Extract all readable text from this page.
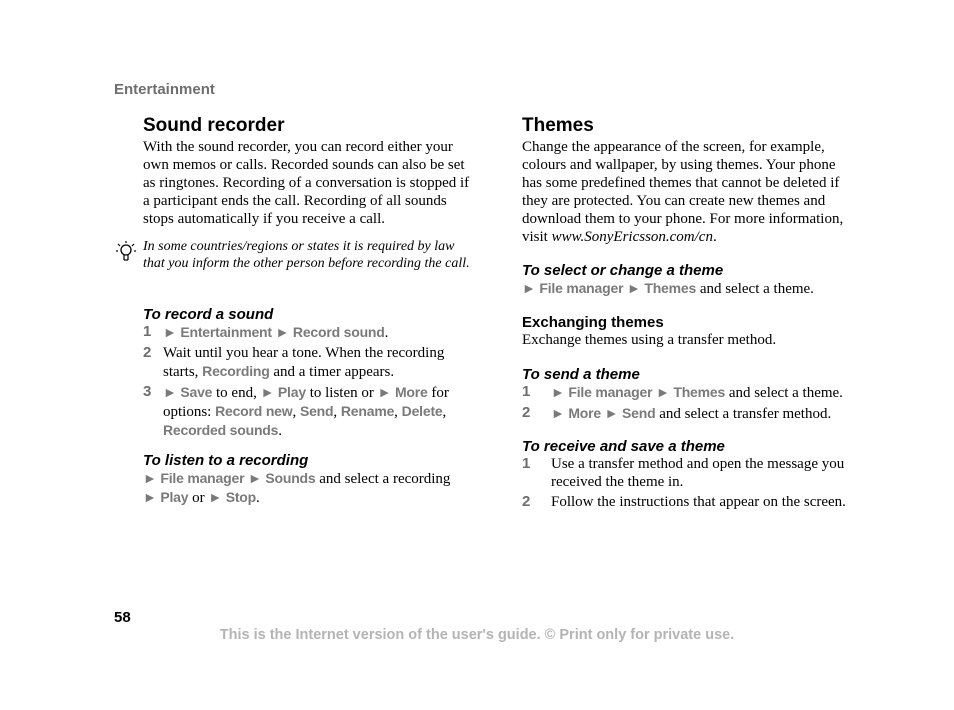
Entertainment
Sound recorder
With the sound recorder, you can record either your own memos or calls. Recorded sounds can also be set as ringtones. Recording of a conversation is stopped if a participant ends the call. Recording of all sounds stops automatically if you receive a call.
In some countries/regions or states it is required by law that you inform the other person before recording the call.
To record a sound
1 ► Entertainment ► Record sound.
2 Wait until you hear a tone. When the recording starts, Recording and a timer appears.
3 ► Save to end, ► Play to listen or ► More for options: Record new, Send, Rename, Delete, Recorded sounds.
To listen to a recording
► File manager ► Sounds and select a recording
► Play or ► Stop.
Themes
Change the appearance of the screen, for example, colours and wallpaper, by using themes. Your phone has some predefined themes that cannot be deleted if they are protected. You can create new themes and download them to your phone. For more information, visit www.SonyEricsson.com/cn.
To select or change a theme
► File manager ► Themes and select a theme.
Exchanging themes
Exchange themes using a transfer method.
To send a theme
1	► File manager ► Themes and select a theme.
2	► More ► Send and select a transfer method.
To receive and save a theme
1	Use a transfer method and open the message you received the theme in.
2	Follow the instructions that appear on the screen.
58
This is the Internet version of the user's guide. © Print only for private use.
